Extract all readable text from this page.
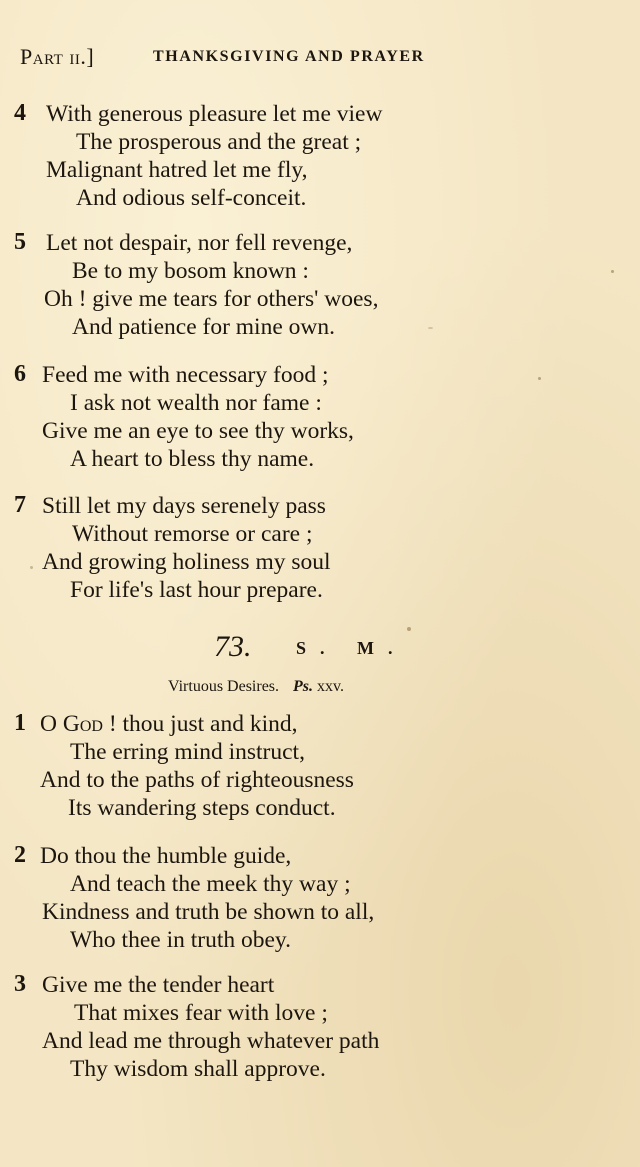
Part ii.]	THANKSGIVING AND PRAYER
4 With generous pleasure let me view
The prosperous and the great ;
Malignant hatred let me fly,
And odious self-conceit.
5 Let not despair, nor fell revenge,
Be to my bosom known :
Oh ! give me tears for others' woes,
And patience for mine own.
6 Feed me with necessary food ;
I ask not wealth nor fame :
Give me an eye to see thy works,
A heart to bless thy name.
7 Still let my days serenely pass
Without remorse or care ;
And growing holiness my soul
For life's last hour prepare.
73. S. M.
Virtuous Desires. Ps. xxv.
1 O God ! thou just and kind,
The erring mind instruct,
And to the paths of righteousness
Its wandering steps conduct.
2 Do thou the humble guide,
And teach the meek thy way ;
Kindness and truth be shown to all,
Who thee in truth obey.
3 Give me the tender heart
That mixes fear with love ;
And lead me through whatever path
Thy wisdom shall approve.
